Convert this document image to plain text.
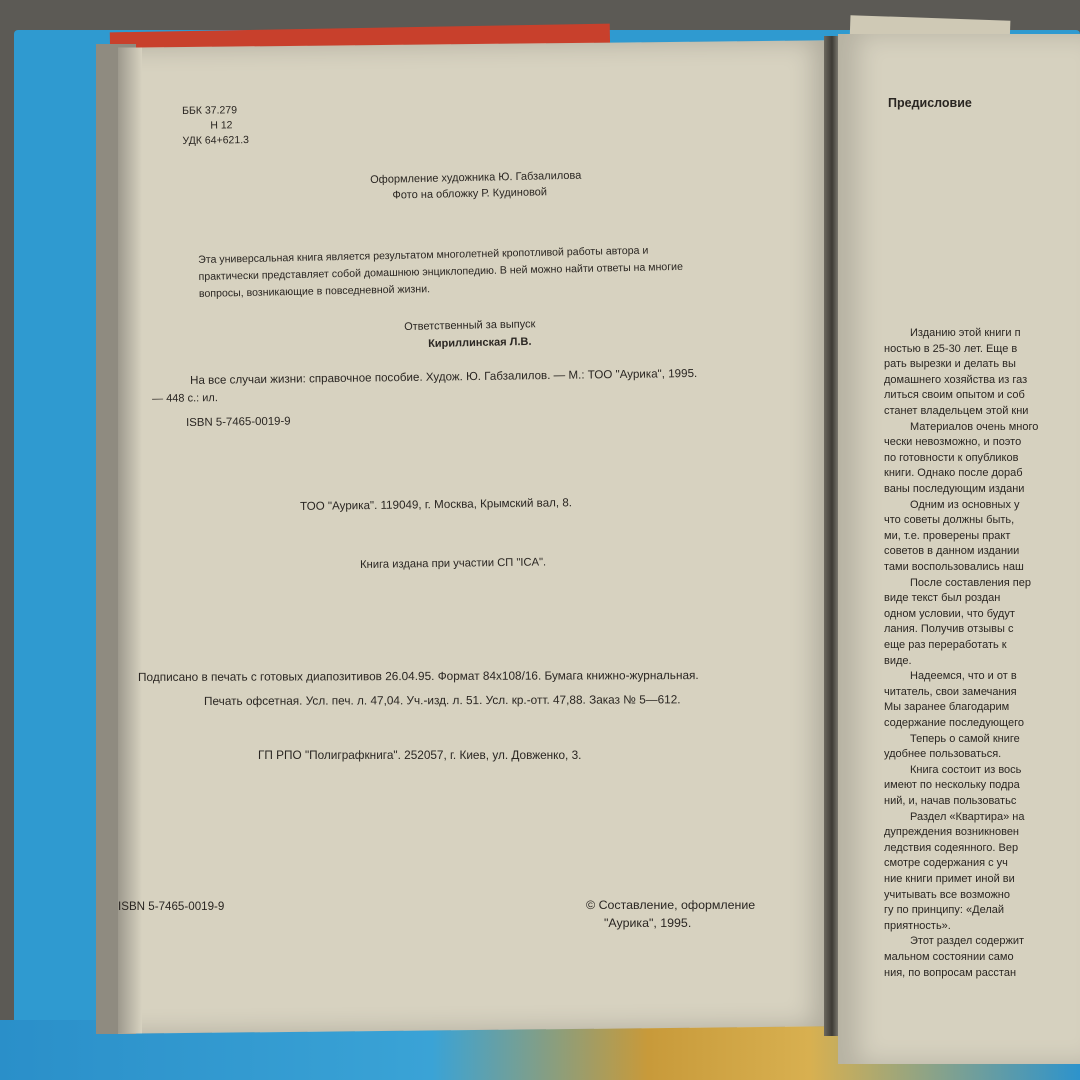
ББК 37.279
Н 12
УДК 64+621.3
Оформление художника Ю. Габзалилова
Фото на обложку Р. Кудиновой
Эта универсальная книга является результатом многолетней кропотливой работы автора и
практически представляет собой домашнюю энциклопедию. В ней можно найти ответы на многие
вопросы, возникающие в повседневной жизни.
Ответственный за выпуск
Кириллинская Л.В.
На все случаи жизни: справочное пособие. Худож. Ю. Габзалилов. — М.: ТОО "Аурика", 1995.
— 448 с.: ил.
ISBN 5-7465-0019-9
ТОО "Аурика". 119049, г. Москва, Крымский вал, 8.
Книга издана при участии СП "ICA".
Подписано в печать с готовых диапозитивов 26.04.95. Формат 84х108/16. Бумага книжно-журнальная.
Печать офсетная. Усл. печ. л. 47,04. Уч.-изд. л. 51. Усл. кр.-отт. 47,88. Заказ № 5—612.
ГП РПО "Полиграфкнига". 252057, г. Киев, ул. Довженко, 3.
ISBN 5-7465-0019-9	© Составление, оформление
"Аурика", 1995.
Предисловие
Изданию этой книги п
ностью в 25-30 лет. Еще в
рать вырезки и делать вы
домашнего хозяйства из газ
литься своим опытом и соб
станет владельцем этой кни
Материалов очень много
чески невозможно, и поэто
по готовности к опубликов
книги. Однако после дораб
ваны последующим издани
Одним из основных у
что советы должны быть,
ми, т.е. проверены практ
советов в данном издании
тами воспользовались наш
После составления пер
виде текст был роздан
одном условии, что будут
лания. Получив отзывы с
еще раз переработать к
виде.
Надеемся, что и от в
читатель, свои замечания
Мы заранее благодарим
содержание последующего
Теперь о самой книге
удобнее пользоваться.
Книга состоит из вось
имеют по нескольку подра
ний, и, начав пользоватьс
Раздел «Квартира» на
дупреждения возникновен
ледствия содеянного. Вер
смотре содержания с уч
ние книги примет иной ви
учитывать все возможно
гу по принципу: «Делай
приятность».
Этот раздел содержит
мальном состоянии само
ния, по вопросам расстан
